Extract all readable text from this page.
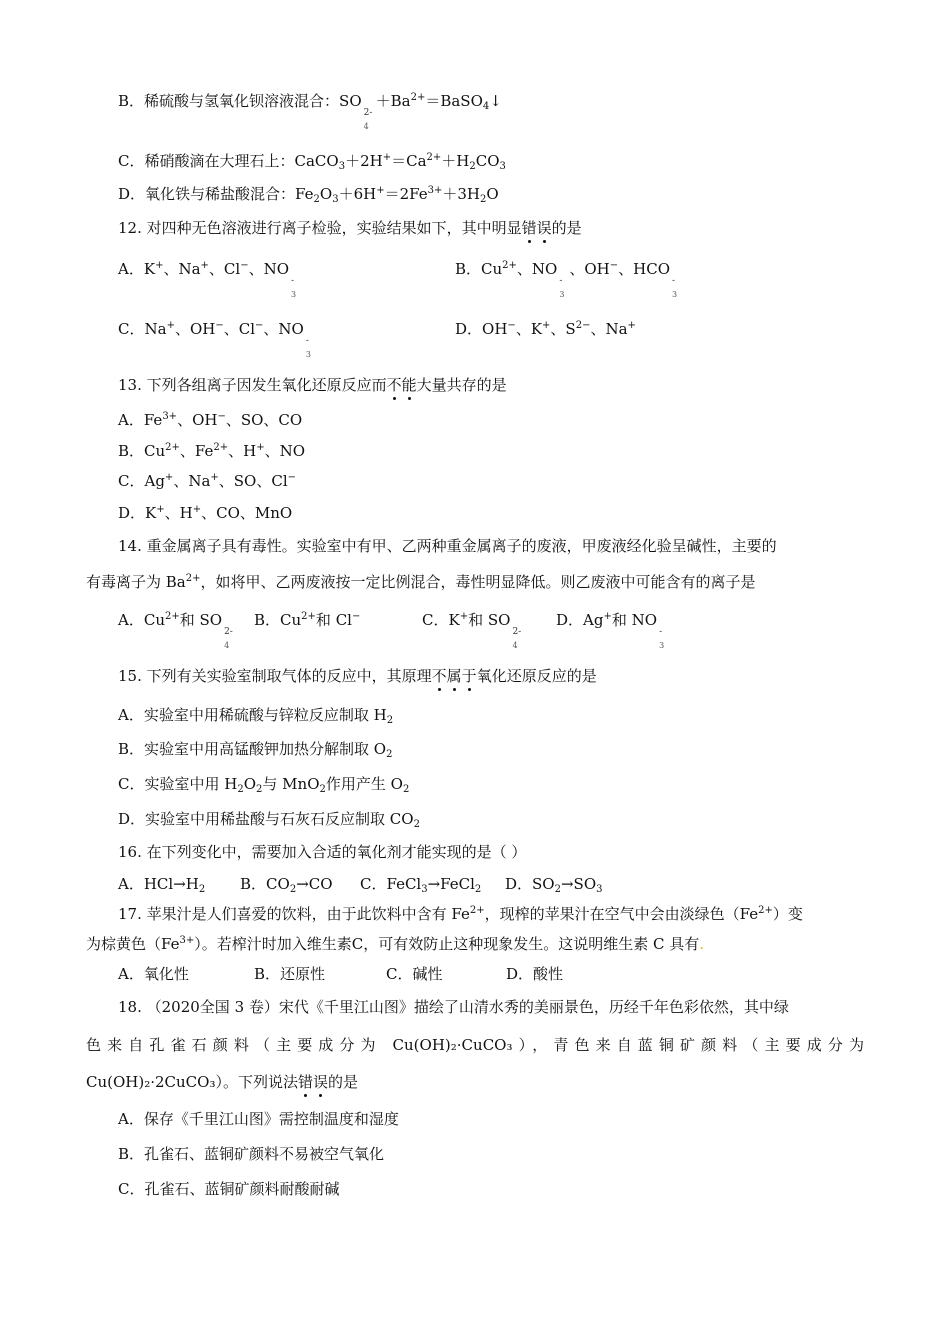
B．稀硫酸与氢氧化钡溶液混合：SO
2-
4
$+Ba^{2+}=BaSO_4↓$
C．稀硝酸滴在大理石上：$CaCO_3+2H^+=Ca^{2+}+H_2CO_3$
D．氧化铁与稀盐酸混合：$Fe_2O_3+6H^+=2Fe^{3+}+3H_2O$
12. 对四种无色溶液进行离子检验，实验结果如下，其中明显错误的是
A．K+、Na+、Cl−、NO
-
3
B．$Cu^{2+}$、NO
-
3
、OH−、HCO
-
3
C．Na+、OH−、Cl−、NO
-
3
D．OH−、K+、$S^{2-}$、Na+
13. 下列各组离子因发生氧化还原反应而不能大量共存的是
A．$Fe^{3+}$、OH−、SO、CO
B．$Cu^{2+}$、$Fe^{2+}$、H+、NO
C．Ag+、Na+、SO、Cl−
D．K+、H+、CO、MnO
14. 重金属离子具有毒性。实验室中有甲、乙两种重金属离子的废液，甲废液经化验呈碱性，主要的
有毒离子为 $Ba^{2+}$，如将甲、乙两废液按一定比例混合，毒性明显降低。则乙废液中可能含有的离子是
A．$Cu^{2+}$和 SO
2-
4
B．$Cu^{2+}$和 Cl−	C．K+和 SO
2-
4
D．Ag+和 NO
-
3
15. 下列有关实验室制取气体的反应中，其原理不属于氧化还原反应的是
A．实验室中用稀硫酸与锌粒反应制取 $H_2$
B．实验室中用高锰酸钾加热分解制取 $O_2$
C．实验室中用 $H_2O_2$与 MnO$_2$作用产生 $O_2$
D．实验室中用稀盐酸与石灰石反应制取 $CO_2$
16. 在下列变化中，需要加入合适的氧化剂才能实现的是（ ）
A．$HCl\to H_2$ B．$CO_2\to CO$ C．FeCl$_3$→FeCl$_2$ D．$SO_2\to SO_3$
17. 苹果汁是人们喜爱的饮料，由于此饮料中含有 $Fe^{2+}$，现榨的苹果汁在空气中会由淡绿色$(Fe^{2+})$变
为棕黄色$(Fe^{3+})$。若榨汁时加入维生素C，可有效防止这种现象发生。这说明维生素 C 具有.
A．氧化性	B．还原性	C．碱性	D．酸性
18. （2020全国 3 卷）宋代《千里江山图》描绘了山清水秀的美丽景色，历经千年色彩依然，其中绿
色来自孔雀石颜料（主要成分为 Cu(OH)₂·CuCO₃），青色来自蓝铜矿颜料（主要成分为
Cu(OH)₂·2CuCO₃）。下列说法错误的是
A．保存《千里江山图》需控制温度和湿度
B．孔雀石、蓝铜矿颜料不易被空气氧化
C．孔雀石、蓝铜矿颜料耐酸耐碱
